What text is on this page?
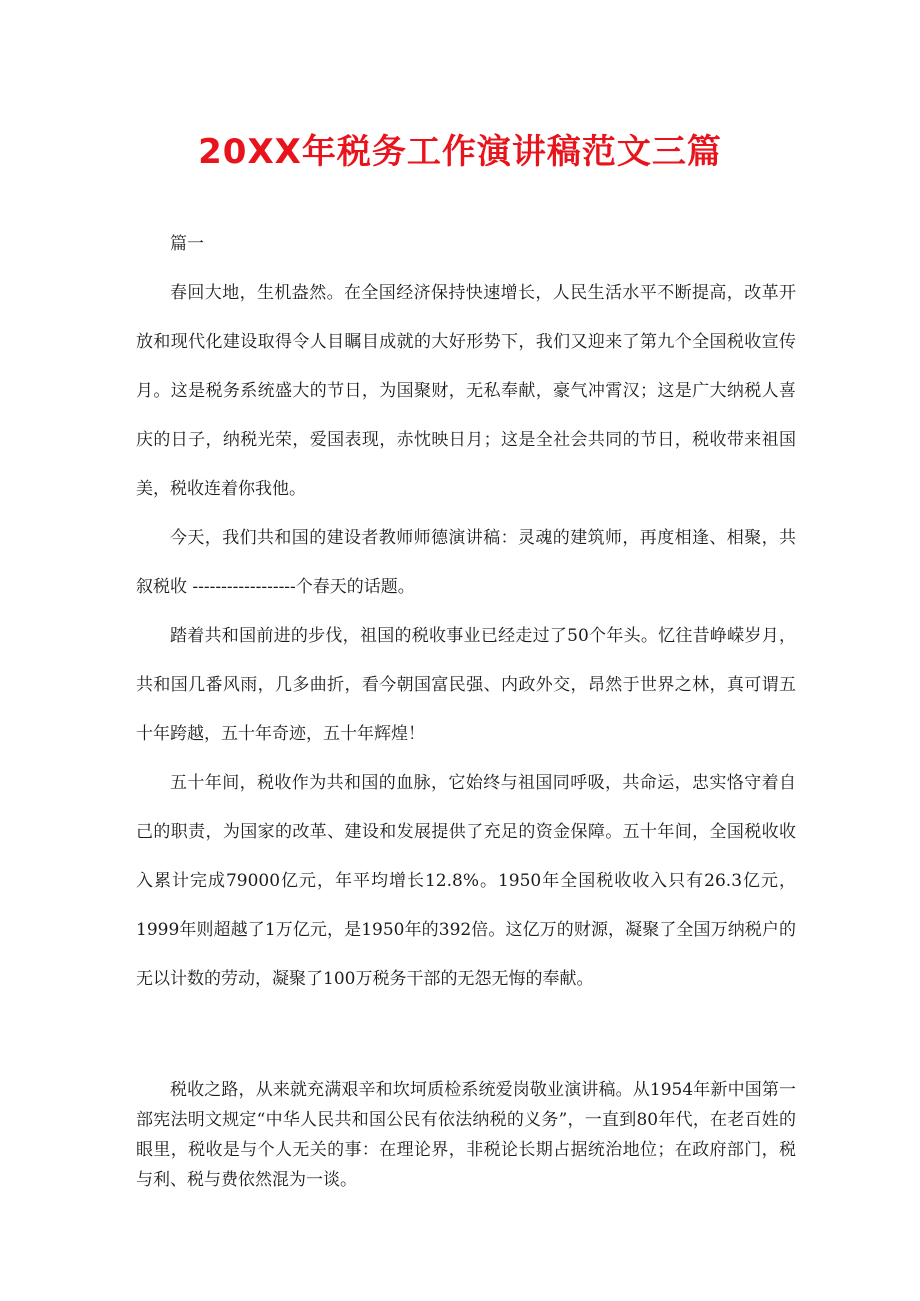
20XX年税务工作演讲稿范文三篇

篇一

春回大地，生机盎然。在全国经济保持快速增长，人民生活水平不断提高，改革开放和现代化建设取得令人目瞩目成就的大好形势下，我们又迎来了第九个全国税收宣传月。这是税务系统盛大的节日，为国聚财，无私奉献，豪气冲霄汉；这是广大纳税人喜庆的日子，纳税光荣，爱国表现，赤忱映日月；这是全社会共同的节日，税收带来祖国美，税收连着你我他。

今天，我们共和国的建设者教师师德演讲稿：灵魂的建筑师，再度相逢、相聚，共叙税收 ------------------个春天的话题。

踏着共和国前进的步伐，祖国的税收事业已经走过了50个年头。忆往昔峥嵘岁月，共和国几番风雨，几多曲折，看今朝国富民强、内政外交，昂然于世界之林，真可谓五十年跨越，五十年奇迹，五十年辉煌！

五十年间，税收作为共和国的血脉，它始终与祖国同呼吸，共命运，忠实恪守着自己的职责，为国家的改革、建设和发展提供了充足的资金保障。五十年间，全国税收收入累计完成79000亿元，年平均增长12.8%。1950年全国税收收入只有26.3亿元，1999年则超越了1万亿元，是1950年的392倍。这亿万的财源，凝聚了全国万纳税户的无以计数的劳动，凝聚了100万税务干部的无怨无悔的奉献。

税收之路，从来就充满艰辛和坎坷质检系统爱岗敬业演讲稿。从1954年新中国第一部宪法明文规定“中华人民共和国公民有依法纳税的义务”，一直到80年代，在老百姓的眼里，税收是与个人无关的事：在理论界，非税论长期占据统治地位；在政府部门，税与利、税与费依然混为一谈。
